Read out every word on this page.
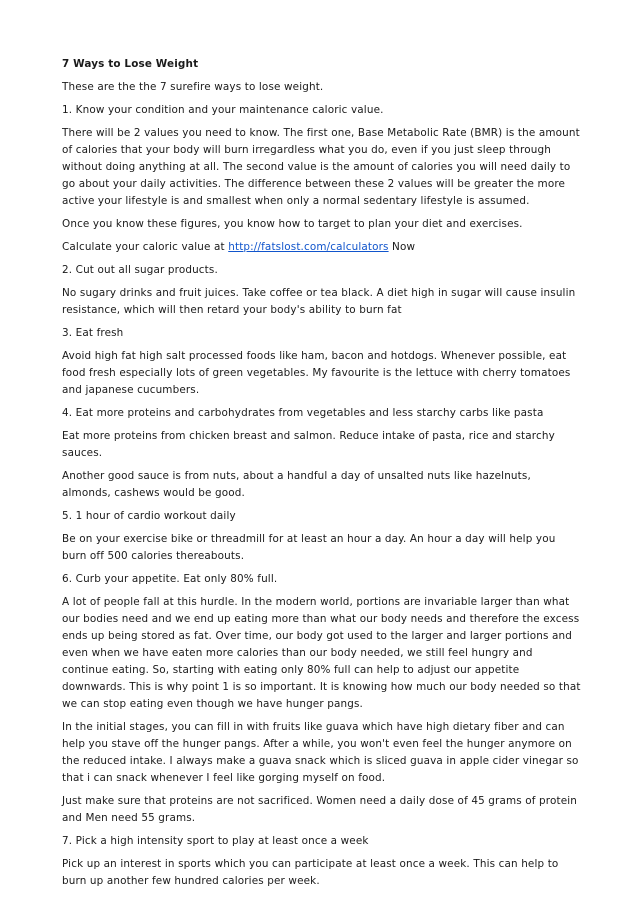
7 Ways to Lose Weight

These are the the 7 surefire ways to lose weight.

1. Know your condition and your maintenance caloric value.

There will be 2 values you need to know. The first one, Base Metabolic Rate (BMR) is the amount of calories that your body will burn irregardless what you do, even if you just sleep through without doing anything at all. The second value is the amount of calories you will need daily to go about your daily activities. The difference between these 2 values will be greater the more active your lifestyle is and smallest when only a normal sedentary lifestyle is assumed.

Once you know these figures, you know how to target to plan your diet and exercises.

Calculate your caloric value at http://fatslost.com/calculators Now

2. Cut out all sugar products.

No sugary drinks and fruit juices. Take coffee or tea black. A diet high in sugar will cause insulin resistance, which will then retard your body's ability to burn fat

3. Eat fresh

Avoid high fat high salt processed foods like ham, bacon and hotdogs. Whenever possible, eat food fresh especially lots of green vegetables. My favourite is the lettuce with cherry tomatoes and japanese cucumbers.

4. Eat more proteins and carbohydrates from vegetables and less starchy carbs like pasta

Eat more proteins from chicken breast and salmon. Reduce intake of pasta, rice and starchy sauces.

Another good sauce is from nuts, about a handful a day of unsalted nuts like hazelnuts, almonds, cashews would be good.

5. 1 hour of cardio workout daily

Be on your exercise bike or threadmill for at least an hour a day. An hour a day will help you burn off 500 calories thereabouts.

6. Curb your appetite. Eat only 80% full.

A lot of people fall at this hurdle. In the modern world, portions are invariable larger than what our bodies need and we end up eating more than what our body needs and therefore the excess ends up being stored as fat. Over time, our body got used to the larger and larger portions and even when we have eaten more calories than our body needed, we still feel hungry and continue eating. So, starting with eating only 80% full can help to adjust our appetite downwards. This is why point 1 is so important. It is knowing how much our body needed so that we can stop eating even though we have hunger pangs.

In the initial stages, you can fill in with fruits like guava which have high dietary fiber and can help you stave off the hunger pangs. After a while, you won't even feel the hunger anymore on the reduced intake. I always make a guava snack which is sliced guava in apple cider vinegar so that i can snack whenever I feel like gorging myself on food.

Just make sure that proteins are not sacrificed. Women need a daily dose of 45 grams of protein and Men need 55 grams.

7. Pick a high intensity sport to play at least once a week

Pick up an interest in sports which you can participate at least once a week. This can help to burn up another few hundred calories per week.
